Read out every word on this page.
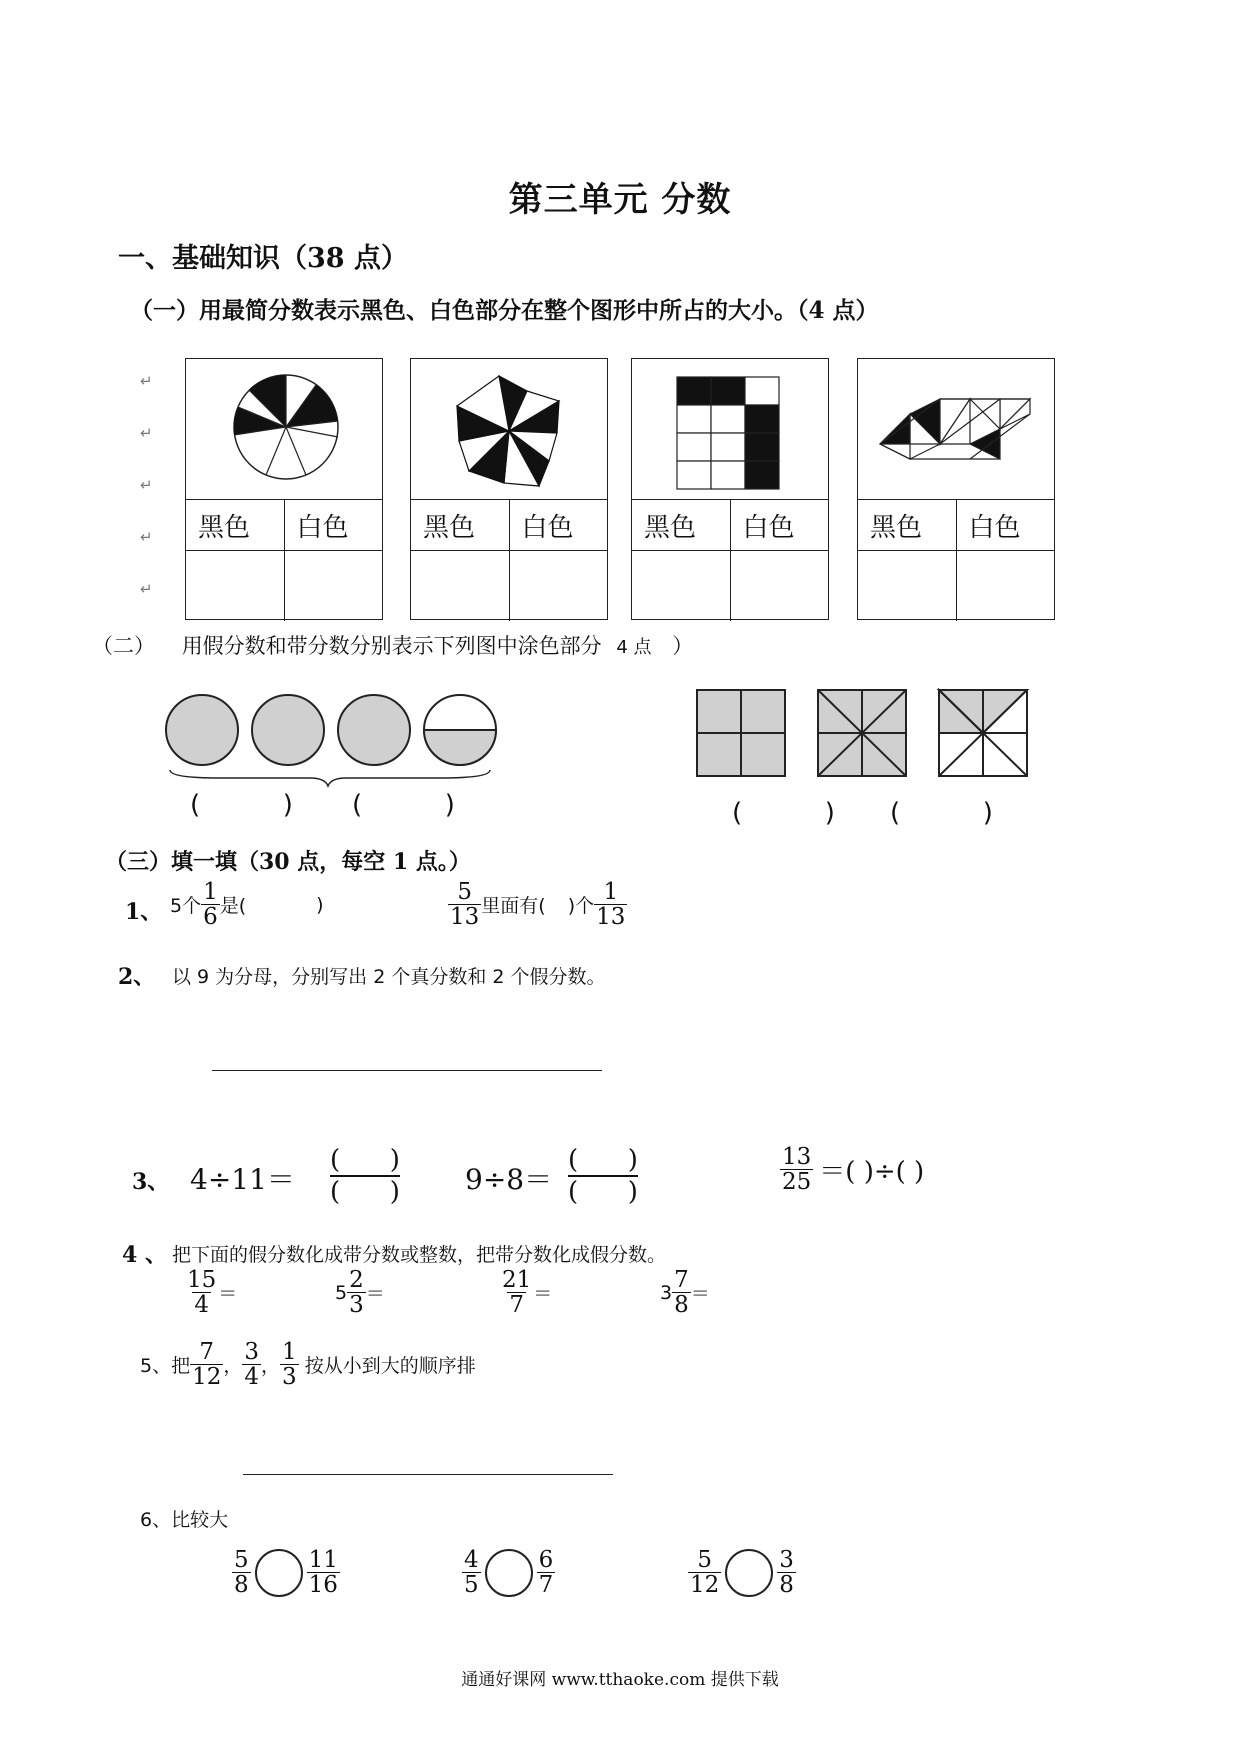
第三单元 分数
一、基础知识（38 点）
（一）用最简分数表示黑色、白色部分在整个图形中所占的大小。（4 点）
↵
↵
↵
↵
↵
黑色	白色	黑色	白色	黑色	白色	黑色	白色
（二） 用假分数和带分数分别表示下列图中涂色部分 4 点 ）
(          ) (          )	(          ) (          )
（三）填一填（30 点，每空 1 点。）
1、 5个 $\frac{1}{6}$ 是(	)	$\frac{5}{13}$ 里面有( )个 $\frac{1}{13}$
2、 以 9 为分母，分别写出 2 个真分数和 2 个假分数。
3、 4÷11＝
(      )
(      ) 9÷8＝
(      )
(      )	$\frac{13}{25}$ ＝( )÷( )
4 、 把下面的假分数化成带分数或整数，把带分数化成假分数。
$\frac{15}{4}$ ＝	$5 \frac{2}{3}$ ＝	$\frac{21}{7}$ ＝	$3 \frac{7}{8}$ ＝
5、把 $\frac{7}{12}$ ， $\frac{3}{4}$ ， $\frac{1}{3}$ 按从小到大的顺序排
6、比较大
$\frac{5}{8} \frac{11}{16}$	$\frac{4}{5} \frac{6}{7}$	$\frac{5}{12} \frac{3}{8}$
通通好课网 www.tthaoke.com 提供下载
